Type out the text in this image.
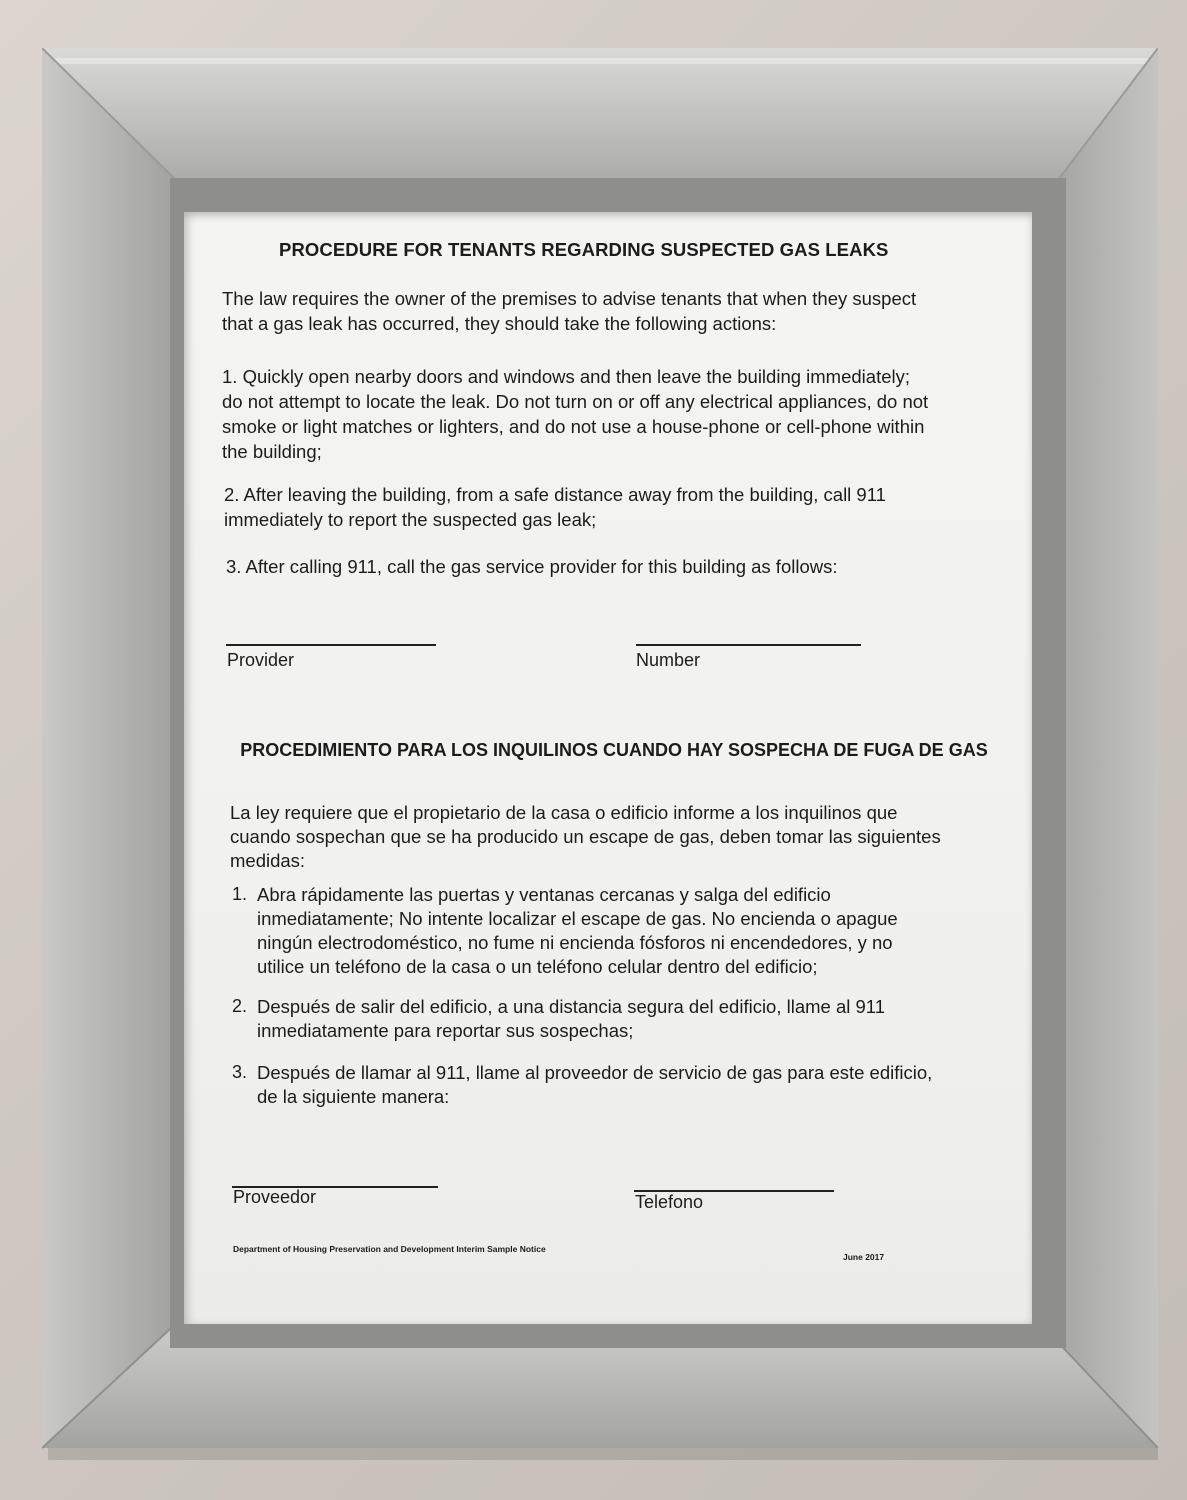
PROCEDURE FOR TENANTS REGARDING SUSPECTED GAS LEAKS
The law requires the owner of the premises to advise tenants that when they suspect
that a gas leak has occurred, they should take the following actions:
1. Quickly open nearby doors and windows and then leave the building immediately;
do not attempt to locate the leak. Do not turn on or off any electrical appliances, do not
smoke or light matches or lighters, and do not use a house-phone or cell-phone within
the building;
2. After leaving the building, from a safe distance away from the building, call 911
immediately to report the suspected gas leak;
3. After calling 911, call the gas service provider for this building as follows:
Provider	Number
PROCEDIMIENTO PARA LOS INQUILINOS CUANDO HAY SOSPECHA DE FUGA DE GAS
La ley requiere que el propietario de la casa o edificio informe a los inquilinos que
cuando sospechan que se ha producido un escape de gas, deben tomar las siguientes
medidas:
1. Abra rápidamente las puertas y ventanas cercanas y salga del edificio
inmediatamente; No intente localizar el escape de gas. No encienda o apague
ningún electrodoméstico, no fume ni encienda fósforos ni encendedores, y no
utilice un teléfono de la casa o un teléfono celular dentro del edificio;
2. Después de salir del edificio, a una distancia segura del edificio, llame al 911
inmediatamente para reportar sus sospechas;
3. Después de llamar al 911, llame al proveedor de servicio de gas para este edificio,
de la siguiente manera:
Proveedor	Telefono
Department of Housing Preservation and Development Interim Sample Notice
June 2017
